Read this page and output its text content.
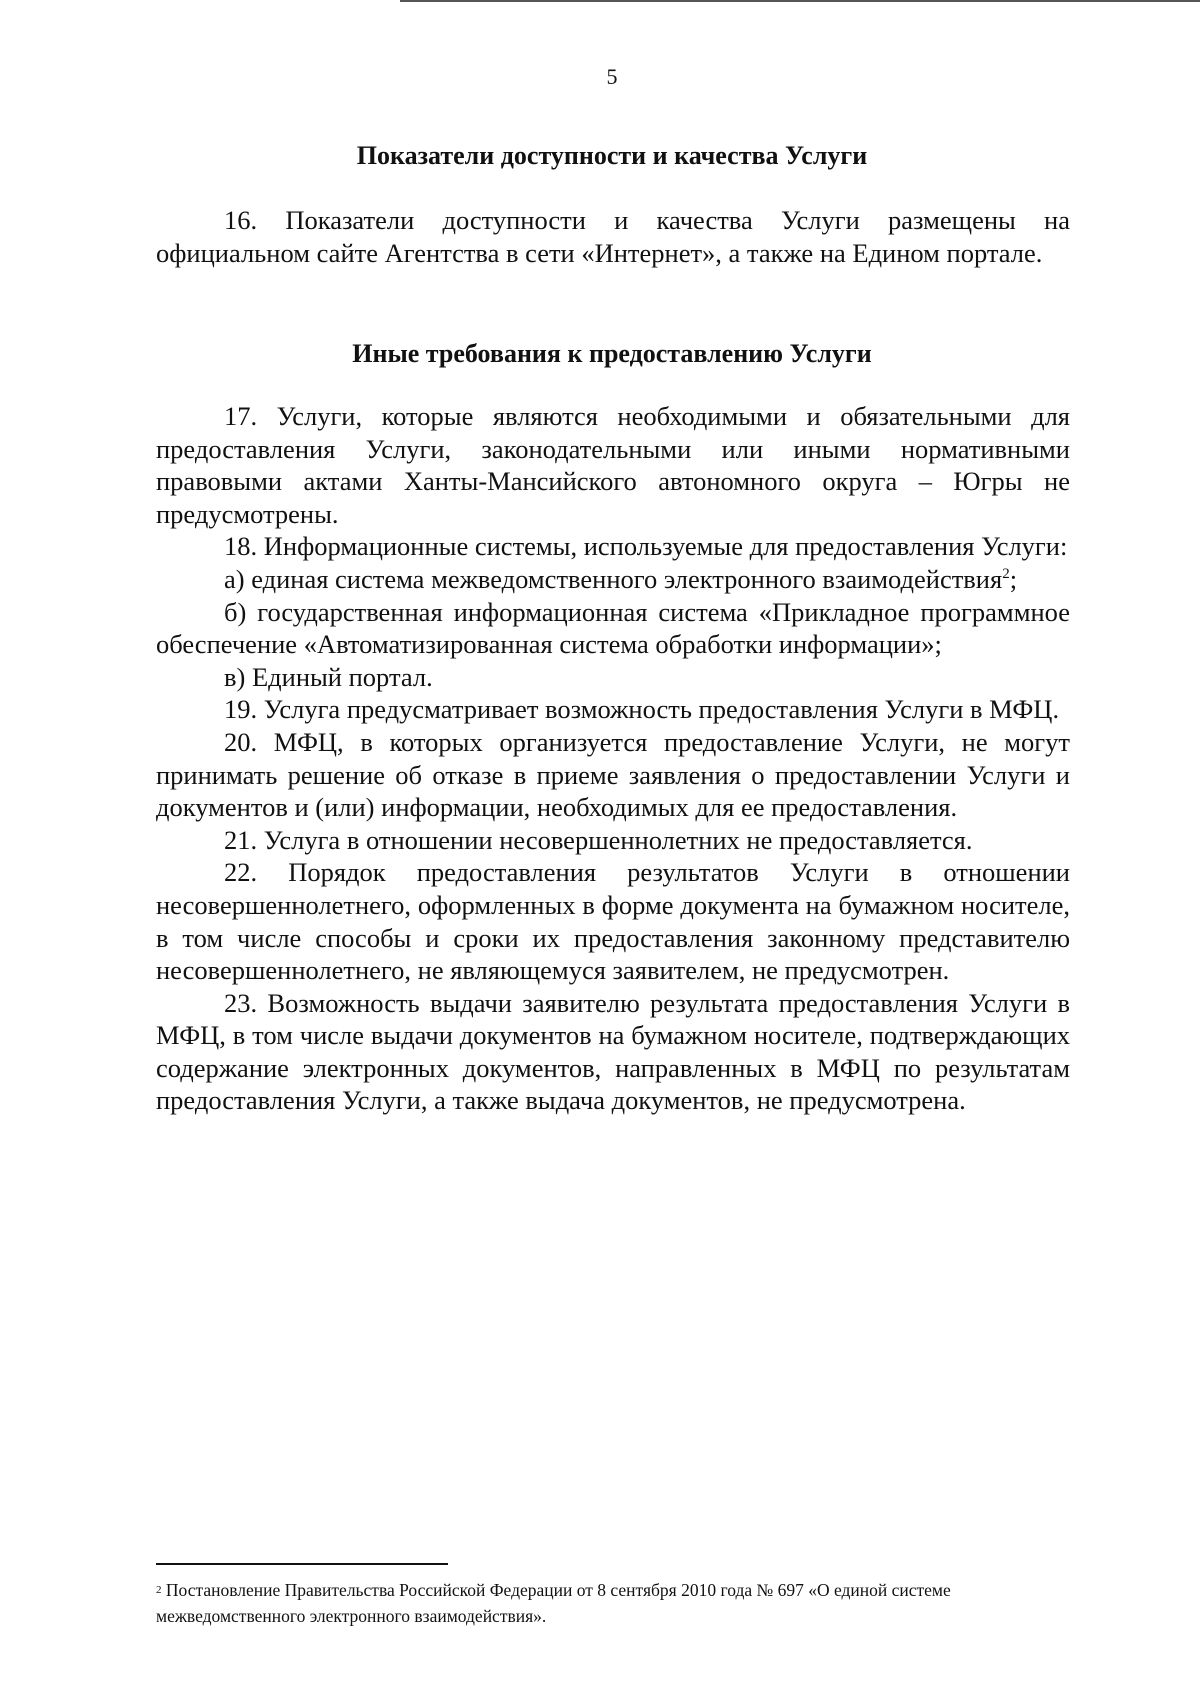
5
Показатели доступности и качества Услуги

16. Показатели доступности и качества Услуги размещены на официальном сайте Агентства в сети «Интернет», а также на Едином портале.

Иные требования к предоставлению Услуги

17. Услуги, которые являются необходимыми и обязательными для предоставления Услуги, законодательными или иными нормативными правовыми актами Ханты-Мансийского автономного округа – Югры не предусмотрены.

18. Информационные системы, используемые для предоставления Услуги:

а) единая система межведомственного электронного взаимодействия$^2$;

б) государственная информационная система «Прикладное программное обеспечение «Автоматизированная система обработки информации»;

в) Единый портал.

19. Услуга предусматривает возможность предоставления Услуги в МФЦ.

20. МФЦ, в которых организуется предоставление Услуги, не могут принимать решение об отказе в приеме заявления о предоставлении Услуги и документов и (или) информации, необходимых для ее предоставления.

21. Услуга в отношении несовершеннолетних не предоставляется.

22. Порядок предоставления результатов Услуги в отношении несовершеннолетнего, оформленных в форме документа на бумажном носителе, в том числе способы и сроки их предоставления законному представителю несовершеннолетнего, не являющемуся заявителем, не предусмотрен.

23. Возможность выдачи заявителю результата предоставления Услуги в МФЦ, в том числе выдачи документов на бумажном носителе, подтверждающих содержание электронных документов, направленных в МФЦ по результатам предоставления Услуги, а также выдача документов, не предусмотрена.

$^2$ Постановление Правительства Российской Федерации от 8 сентября 2010 года № 697 «О единой системе межведомственного электронного взаимодействия».
